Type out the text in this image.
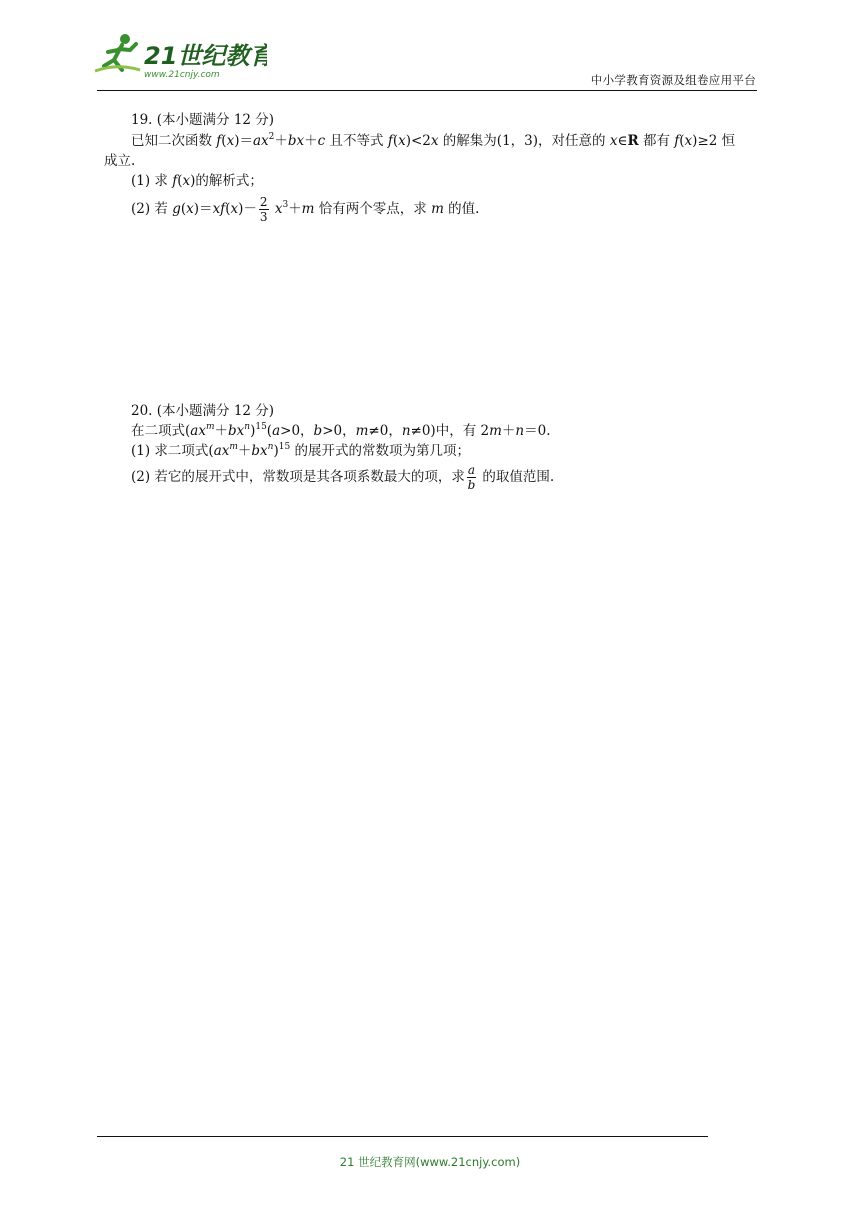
21世纪教育
www.21cnjy.com	中小学教育资源及组卷应用平台
19. (本小题满分 12 分)
已知二次函数 $f(x)=ax^2+bx+c$ 且不等式 f(x)<2x 的解集为(1，3)，对任意的 x∈R 都有 f(x)≥2 恒
成立.
(1) 求 f(x)的解析式；
(2) 若 $g(x)=xf(x)- \frac{2}{3} x^3+m$ 恰有两个零点，求 m 的值.
20. (本小题满分 12 分)
在二项式$(ax^m+bx^n)^{15}(a>0$，b>0，m≠0，n≠0)中，有 2m＋n＝0.
(1) 求二项式$(ax^m+bx^n)^{15}$ 的展开式的常数项为第几项；
(2) 若它的展开式中，常数项是其各项系数最大的项，求 $\frac{a}{b}$ 的取值范围.
21 世纪教育网(www.21cnjy.com)
